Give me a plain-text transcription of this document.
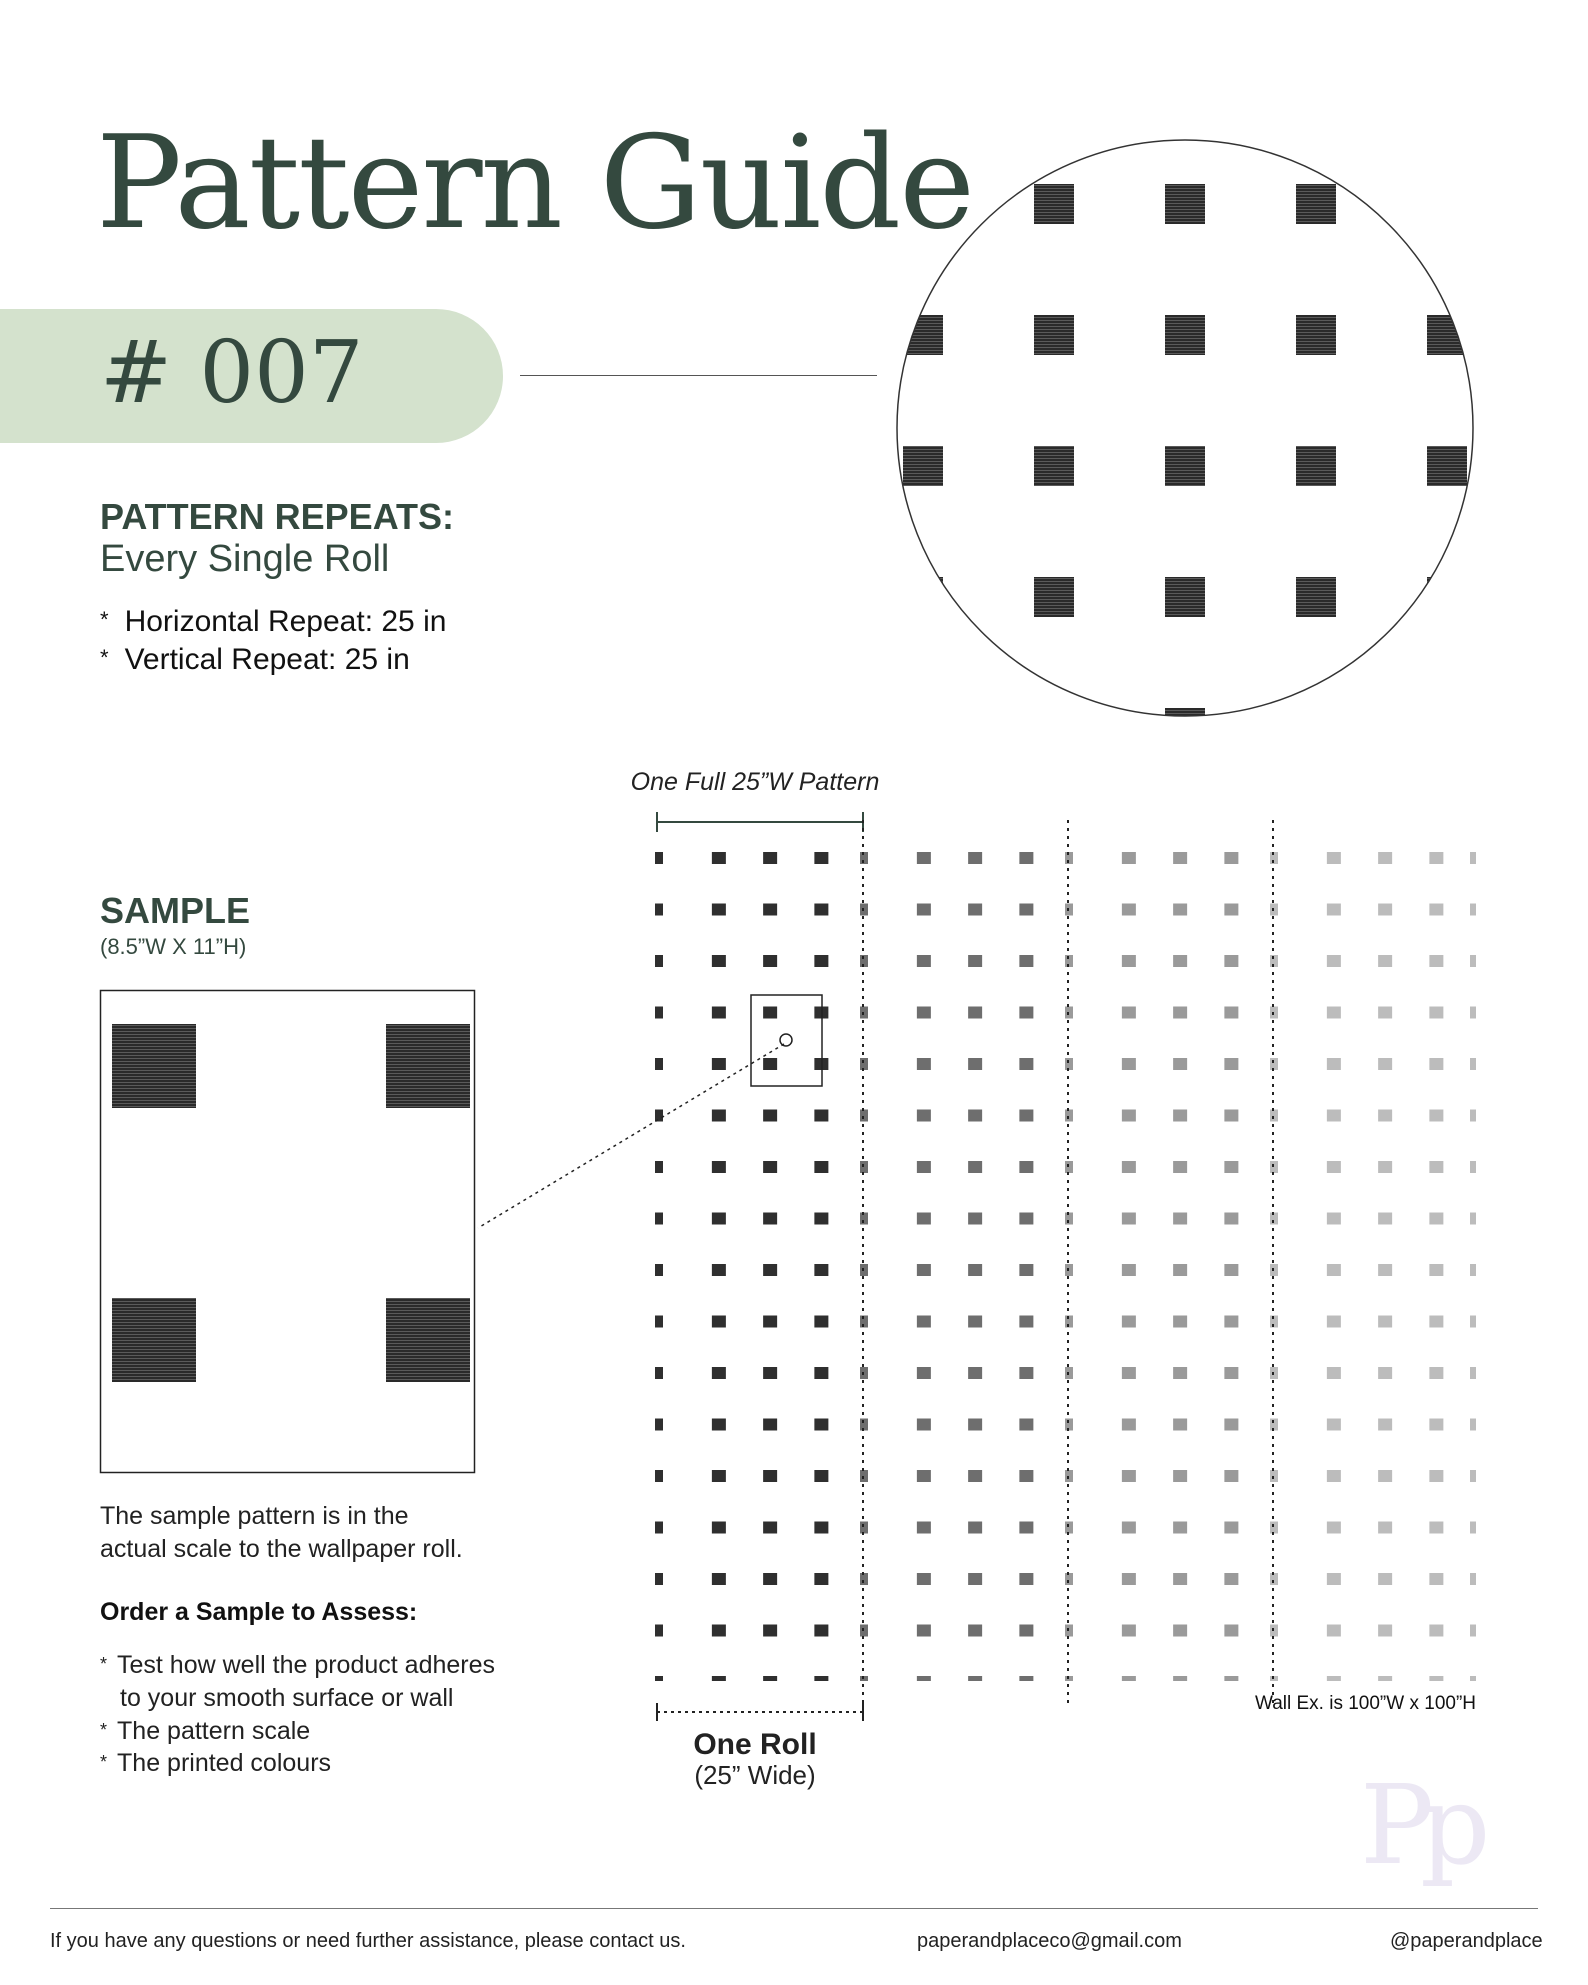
Pattern Guide
# 007
PATTERN REPEATS:
Every Single Roll
* Horizontal Repeat: 25 in
* Vertical Repeat: 25 in
SAMPLE
(8.5”W X 11”H)
The sample pattern is in the
actual scale to the wallpaper roll.
Order a Sample to Assess:
* Test how well the product adheres
to your smooth surface or wall
* The pattern scale
* The printed colours
One Full 25”W Pattern
One Roll
(25” Wide)
Wall Ex. is 100”W x 100”H
Pp
If you have any questions or need further assistance, please contact us.	paperandplaceco@gmail.com	@paperandplace
